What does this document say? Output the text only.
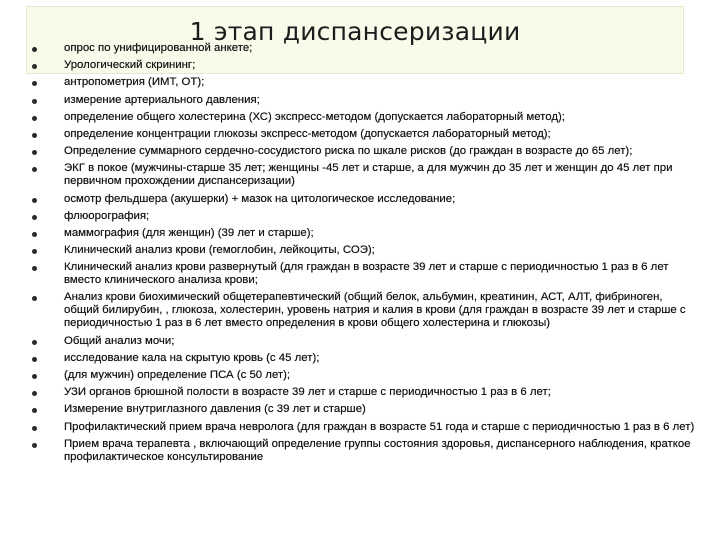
1 этап диспансеризации
опрос по унифицированной анкете;
Урологический скрининг;
антропометрия (ИМТ, ОТ);
измерение артериального давления;
определение общего холестерина (ХС) экспресс-методом (допускается лабораторный метод);
определение концентрации глюкозы экспресс-методом (допускается лабораторный метод);
Определение суммарного сердечно-сосудистого риска по шкале рисков (до граждан в возрасте до 65 лет);
ЭКГ в покое (мужчины-старше 35 лет; женщины -45 лет и старше, а для мужчин до 35 лет и женщин до 45 лет при первичном прохождении диспансеризации)
осмотр фельдшера (акушерки) + мазок на цитологическое исследование;
флюорография;
маммография (для женщин) (39 лет и старше);
Клинический анализ крови (гемоглобин, лейкоциты, СОЭ);
Клинический анализ крови развернутый (для граждан в возрасте 39 лет и старше с периодичностью 1 раз в 6 лет вместо клинического анализа крови;
Анализ крови биохимический общетерапевтический (общий белок, альбумин, креатинин, АСТ, АЛТ, фибриноген, общий билирубин, , глюкоза, холестерин, уровень натрия и калия в крови (для граждан в возрасте 39 лет и старше с периодичностью 1 раз в 6 лет вместо определения в крови общего холестерина и глюкозы)
Общий анализ мочи;
исследование кала на скрытую кровь (с 45 лет);
(для мужчин) определение ПСА (с 50 лет);
УЗИ органов брюшной полости в возрасте 39 лет и старше с периодичностью 1 раз в 6 лет;
Измерение внутриглазного давления (с 39 лет и старше)
Профилактический прием врача невролога (для граждан в возрасте 51 года и старше с периодичностью 1 раз в 6 лет)
Прием врача терапевта , включающий определение группы состояния здоровья, диспансерного наблюдения, краткое профилактическое консультирование
